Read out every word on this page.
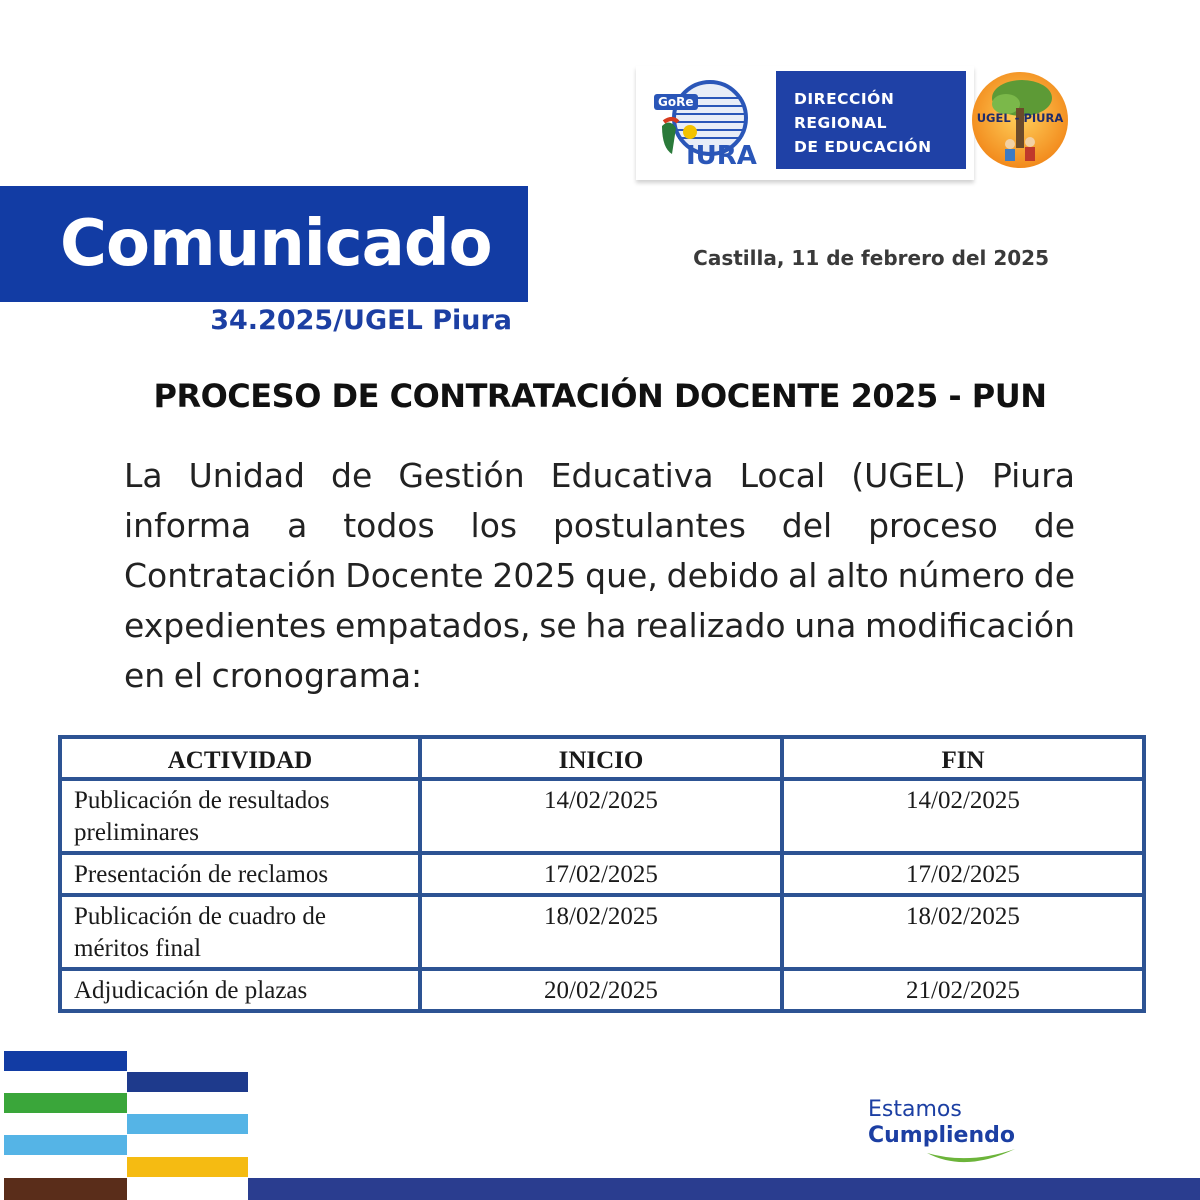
GoRe
IURA
DIRECCIÓN
REGIONAL
DE EDUCACIÓN
UGEL - PIURA
Comunicado
34.2025/UGEL Piura
Castilla, 11 de febrero del 2025
PROCESO DE CONTRATACIÓN DOCENTE 2025 - PUN
La Unidad de Gestión Educativa Local (UGEL) Piura informa a todos los postulantes del proceso de Contratación Docente 2025 que, debido al alto número de expedientes empatados, se ha realizado una modificación en el cronograma:
ACTIVIDAD	INICIO	FIN
Publicación de resultados preliminares	14/02/2025	14/02/2025
Presentación de reclamos	17/02/2025	17/02/2025
Publicación de cuadro de méritos final	18/02/2025	18/02/2025
Adjudicación de plazas	20/02/2025	21/02/2025
Estamos
Cumpliendo
